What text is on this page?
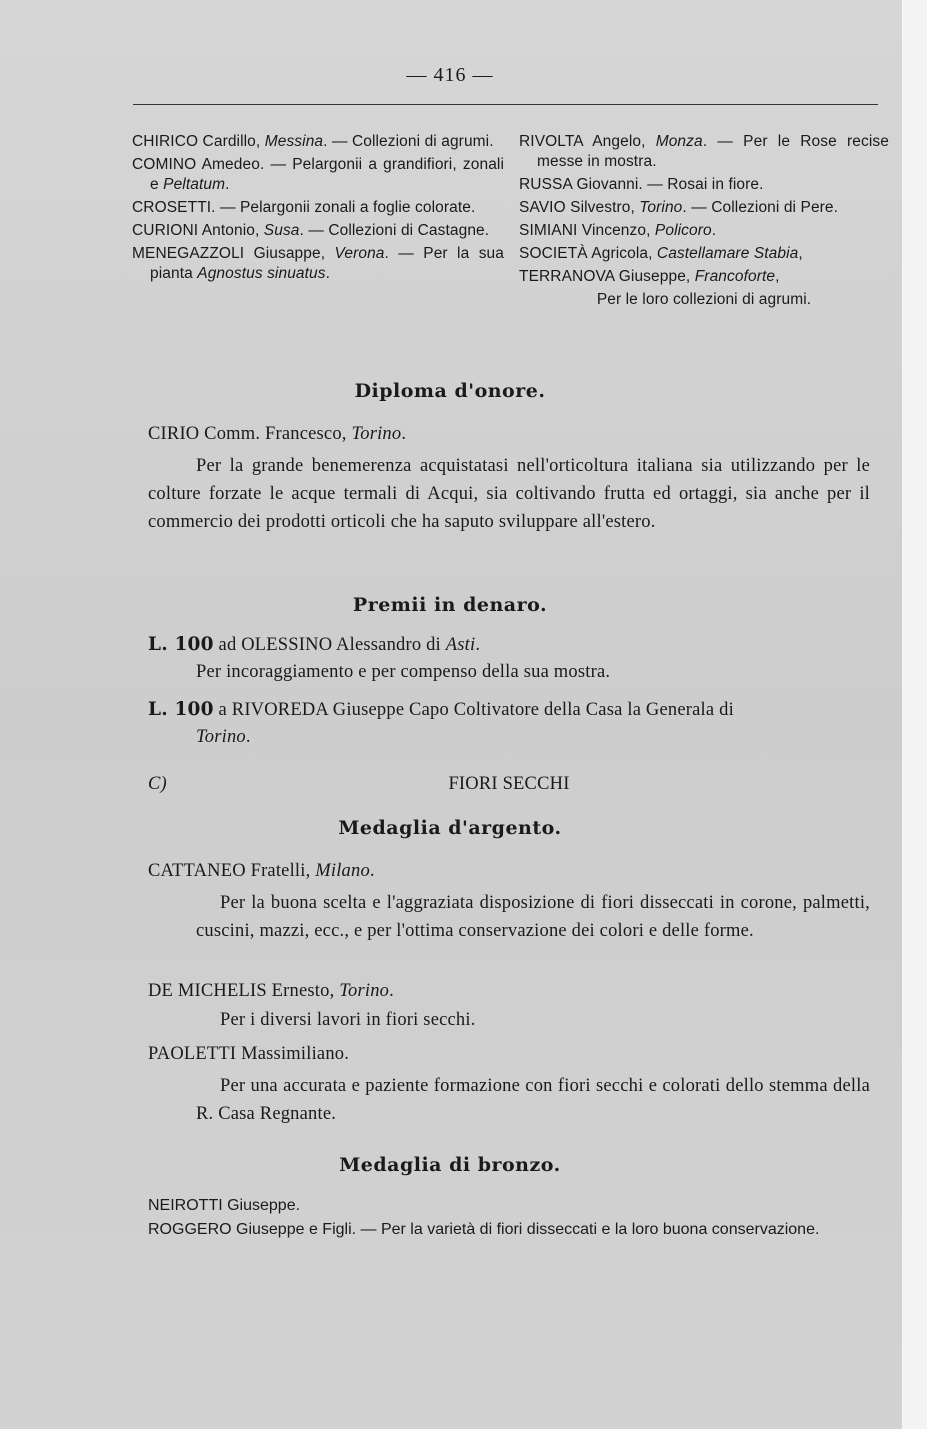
— 416 —

CHIRICO Cardillo, Messina. — Collezioni di agrumi.

COMINO Amedeo. — Pelargonii a grandifiori, zonali e Peltatum.

CROSETTI. — Pelargonii zonali a foglie colorate.

CURIONI Antonio, Susa. — Collezioni di Castagne.

MENEGAZZOLI Giusappe, Verona. — Per la sua pianta Agnostus sinuatus.

RIVOLTA Angelo, Monza. — Per le Rose recise messe in mostra.

RUSSA Giovanni. — Rosai in fiore.

SAVIO Silvestro, Torino. — Collezioni di Pere.

SIMIANI Vincenzo, Policoro.

SOCIETÀ Agricola, Castellamare Stabia,

TERRANOVA Giuseppe, Francoforte,

Per le loro collezioni di agrumi.

Diploma d'onore.
CIRIO Comm. Francesco, Torino.

Per la grande benemerenza acquistatasi nell'orticoltura italiana sia utilizzando per le colture forzate le acque termali di Acqui, sia coltivando frutta ed ortaggi, sia anche per il commercio dei prodotti orticoli che ha saputo sviluppare all'estero.

Premii in denaro.
L. 100 ad OLESSINO Alessandro di Asti.
Per incoraggiamento e per compenso della sua mostra.
L. 100 a RIVOREDA Giuseppe Capo Coltivatore della Casa la Generala di
Torino.
C)	FIORI SECCHI
Medaglia d'argento.
CATTANEO Fratelli, Milano.

Per la buona scelta e l'aggraziata disposizione di fiori disseccati in corone, palmetti, cuscini, mazzi, ecc., e per l'ottima conservazione dei colori e delle forme.

DE MICHELIS Ernesto, Torino.
Per i diversi lavori in fiori secchi.
PAOLETTI Massimiliano.

Per una accurata e paziente formazione con fiori secchi e colorati dello stemma della R. Casa Regnante.

Medaglia di bronzo.
NEIROTTI Giuseppe.
ROGGERO Giuseppe e Figli. — Per la varietà di fiori disseccati e la loro buona conservazione.
